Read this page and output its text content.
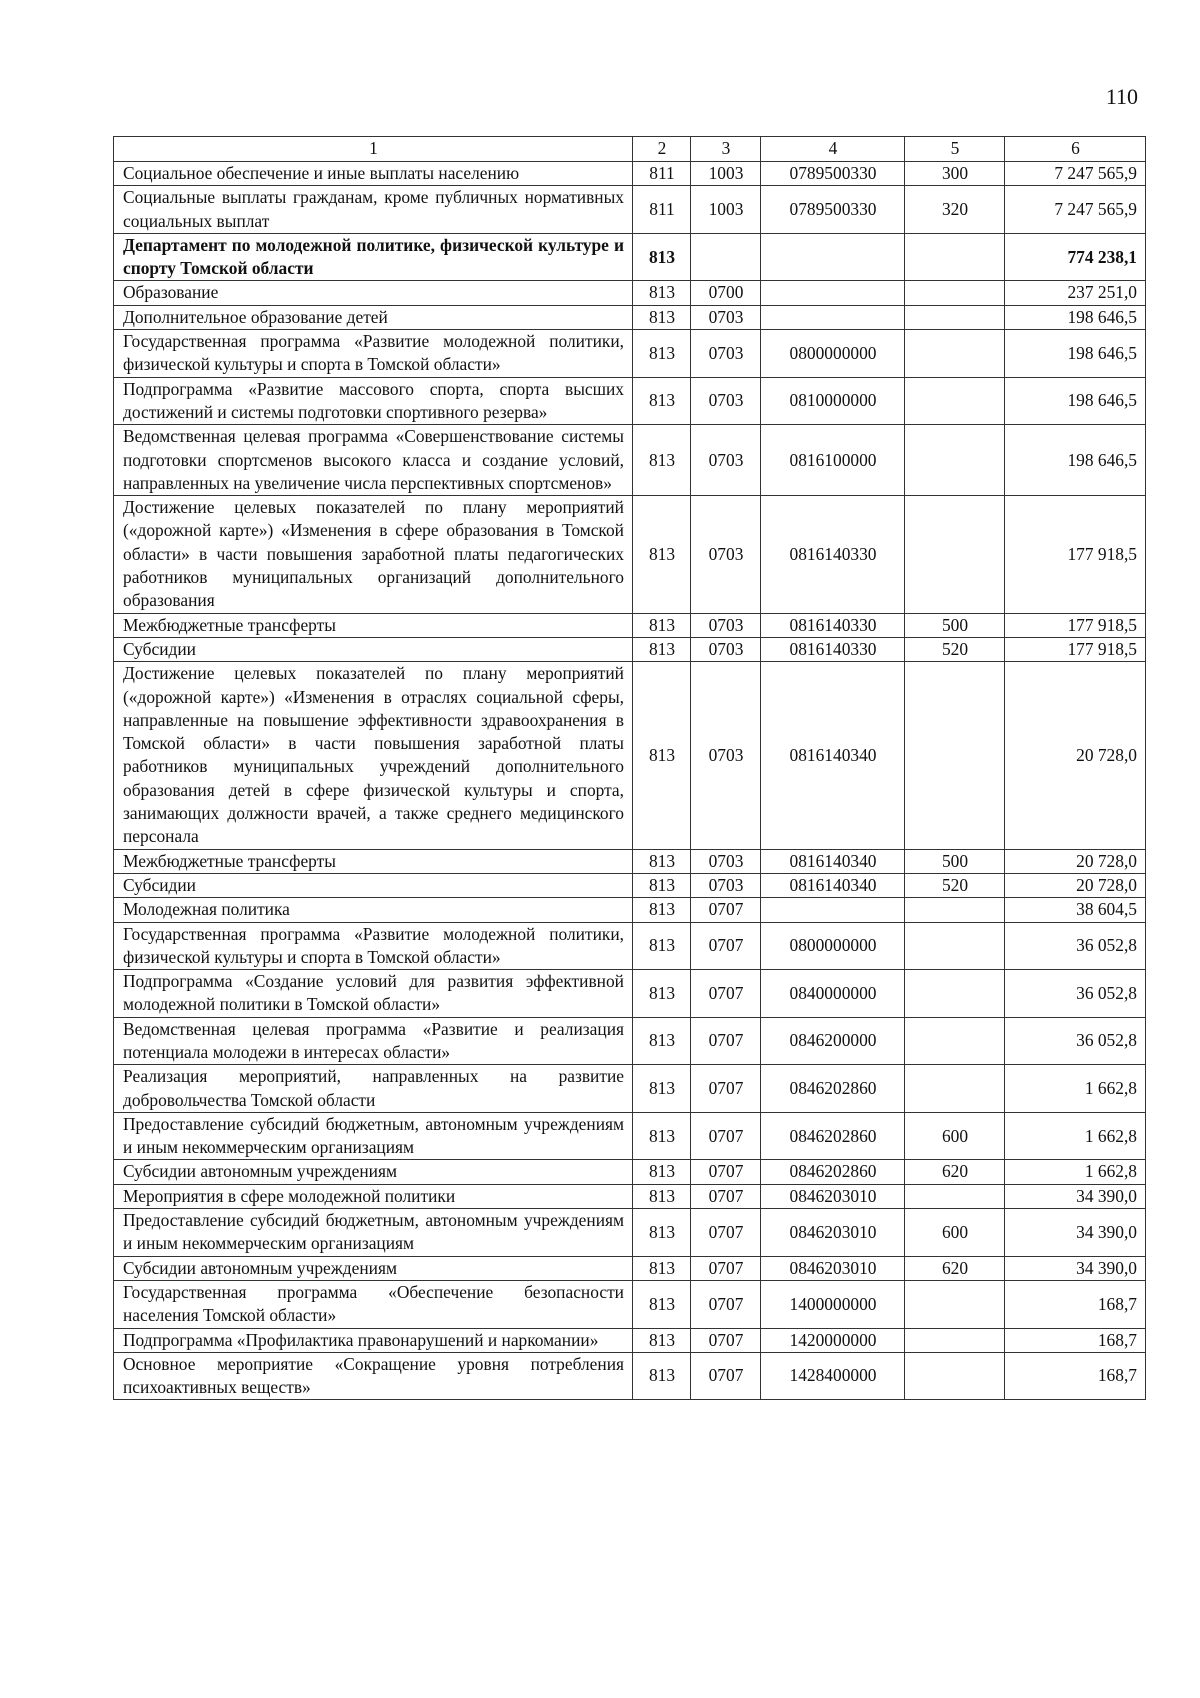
110
1	2	3	4	5	6
Социальное обеспечение и иные выплаты населению	811	1003	0789500330	300	7 247 565,9
Социальные выплаты гражданам, кроме публичных нормативных социальных выплат	811	1003	0789500330	320	7 247 565,9
Департамент по молодежной политике, физической культуре и спорту Томской области	813				774 238,1
Образование	813	0700			237 251,0
Дополнительное образование детей	813	0703			198 646,5
Государственная программа «Развитие молодежной политики, физической культуры и спорта в Томской области»	813	0703	0800000000		198 646,5
Подпрограмма «Развитие массового спорта, спорта высших достижений и системы подготовки спортивного резерва»	813	0703	0810000000		198 646,5
Ведомственная целевая программа «Совершенствование системы подготовки спортсменов высокого класса и создание условий, направленных на увеличение числа перспективных спортсменов»	813	0703	0816100000		198 646,5
Достижение целевых показателей по плану мероприятий («дорожной карте») «Изменения в сфере образования в Томской области» в части повышения заработной платы педагогических работников муниципальных организаций дополнительного образования	813	0703	0816140330		177 918,5
Межбюджетные трансферты	813	0703	0816140330	500	177 918,5
Субсидии	813	0703	0816140330	520	177 918,5
Достижение целевых показателей по плану мероприятий («дорожной карте») «Изменения в отраслях социальной сферы, направленные на повышение эффективности здравоохранения в Томской области» в части повышения заработной платы работников муниципальных учреждений дополнительного образования детей в сфере физической культуры и спорта, занимающих должности врачей, а также среднего медицинского персонала	813	0703	0816140340		20 728,0
Межбюджетные трансферты	813	0703	0816140340	500	20 728,0
Субсидии	813	0703	0816140340	520	20 728,0
Молодежная политика	813	0707			38 604,5
Государственная программа «Развитие молодежной политики, физической культуры и спорта в Томской области»	813	0707	0800000000		36 052,8
Подпрограмма «Создание условий для развития эффективной молодежной политики в Томской области»	813	0707	0840000000		36 052,8
Ведомственная целевая программа «Развитие и реализация потенциала молодежи в интересах области»	813	0707	0846200000		36 052,8
Реализация мероприятий, направленных на развитие добровольчества Томской области	813	0707	0846202860		1 662,8
Предоставление субсидий бюджетным, автономным учреждениям и иным некоммерческим организациям	813	0707	0846202860	600	1 662,8
Субсидии автономным учреждениям	813	0707	0846202860	620	1 662,8
Мероприятия в сфере молодежной политики	813	0707	0846203010		34 390,0
Предоставление субсидий бюджетным, автономным учреждениям и иным некоммерческим организациям	813	0707	0846203010	600	34 390,0
Субсидии автономным учреждениям	813	0707	0846203010	620	34 390,0
Государственная программа «Обеспечение безопасности населения Томской области»	813	0707	1400000000		168,7
Подпрограмма «Профилактика правонарушений и наркомании»	813	0707	1420000000		168,7
Основное мероприятие «Сокращение уровня потребления психоактивных веществ»	813	0707	1428400000		168,7
